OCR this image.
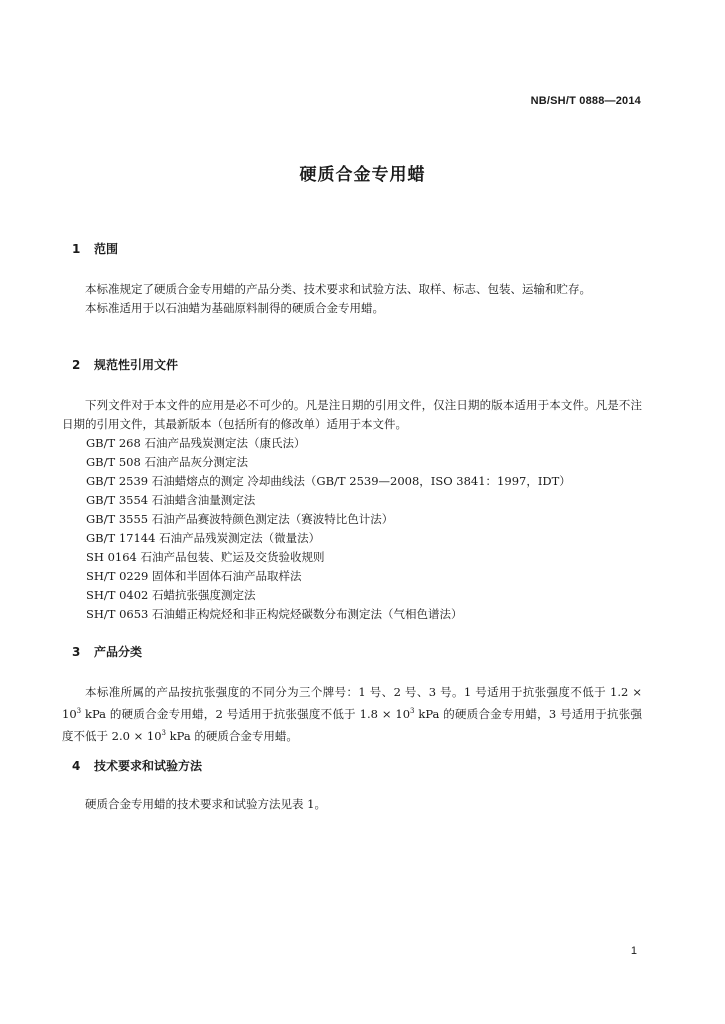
NB/SH/T 0888—2014
硬质合金专用蜡
1 范围

本标准规定了硬质合金专用蜡的产品分类、技术要求和试验方法、取样、标志、包装、运输和贮存。

本标准适用于以石油蜡为基础原料制得的硬质合金专用蜡。

2 规范性引用文件

下列文件对于本文件的应用是必不可少的。凡是注日期的引用文件，仅注日期的版本适用于本文件。凡是不注日期的引用文件，其最新版本（包括所有的修改单）适用于本文件。

GB/T 268 石油产品残炭测定法（康氏法）
GB/T 508 石油产品灰分测定法
GB/T 2539 石油蜡熔点的测定 冷却曲线法（GB/T 2539—2008，ISO 3841：1997，IDT）
GB/T 3554 石油蜡含油量测定法
GB/T 3555 石油产品赛波特颜色测定法（赛波特比色计法）
GB/T 17144 石油产品残炭测定法（微量法）
SH 0164 石油产品包装、贮运及交货验收规则
SH/T 0229 固体和半固体石油产品取样法
SH/T 0402 石蜡抗张强度测定法
SH/T 0653 石油蜡正构烷烃和非正构烷烃碳数分布测定法（气相色谱法）
3 产品分类

本标准所属的产品按抗张强度的不同分为三个牌号：1 号、2 号、3 号。1 号适用于抗张强度不低于 $1.2 \times 10^3$ kPa 的硬质合金专用蜡，2 号适用于抗张强度不低于 $1.8 \times 10^3$ kPa 的硬质合金专用蜡，3 号适用于抗张强度不低于 $2.0 \times 10^3$ kPa 的硬质合金专用蜡。

4 技术要求和试验方法

硬质合金专用蜡的技术要求和试验方法见表 1。

1
